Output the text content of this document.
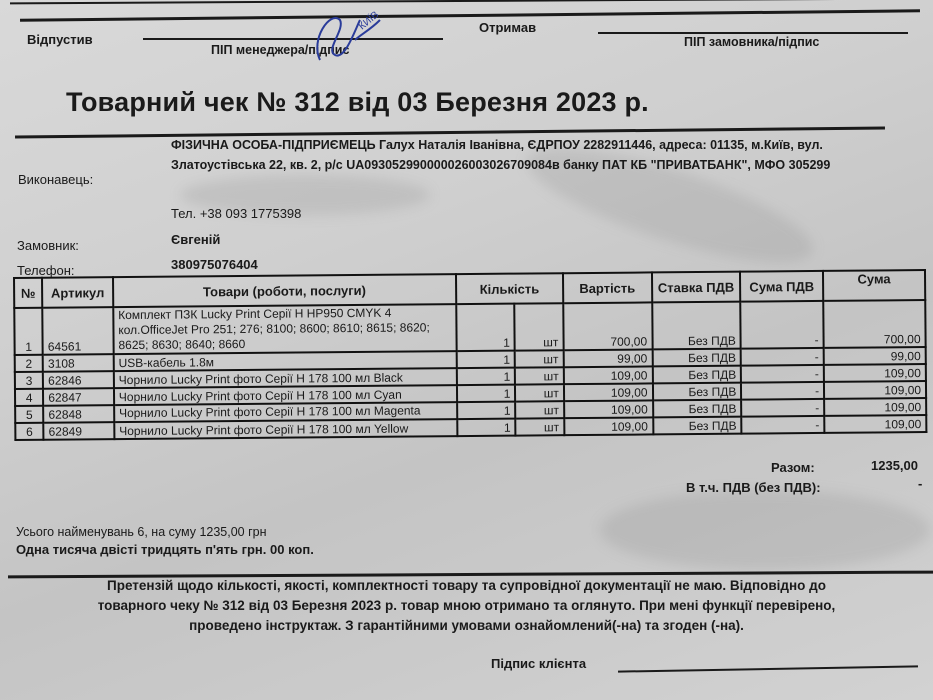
Відпустив
ПІП менеджера/підпис
КИЇВ	Отримав
ПІП замовника/підпис
Товарний чек № 312 від 03 Березня 2023 р.
Виконавець:
ФІЗИЧНА ОСОБА-ПІДПРИЄМЕЦЬ Галух Наталія Іванівна, ЄДРПОУ 2282911446, адреса: 01135, м.Київ, вул.
Златоустівська 22, кв. 2, р/с UA093052990000026003026709084в банку ПАТ КБ "ПРИВАТБАНК", МФО 305299
Тел. +38 093 1775398
Замовник:	Євгеній
Телефон:	380975076404
№	Артикул	Товари (роботи, послуги)	Кількість		Вартість	Ставка ПДВ	Сума ПДВ	Сума
1	64561	Комплект ПЗК Lucky Print Серії H HP950 CMYK 4 кол.OfficeJet Pro 251; 276; 8100; 8600; 8610; 8615; 8620; 8625; 8630; 8640; 8660	1	шт	700,00	Без ПДВ	-	700,00
2	3108	USB-кабель 1.8м	1	шт	99,00	Без ПДВ	-	99,00
3	62846	Чорнило Lucky Print фото Серії H 178 100 мл Black	1	шт	109,00	Без ПДВ	-	109,00
4	62847	Чорнило Lucky Print фото Серії H 178 100 мл Cyan	1	шт	109,00	Без ПДВ	-	109,00
5	62848	Чорнило Lucky Print фото Серії H 178 100 мл Magenta	1	шт	109,00	Без ПДВ	-	109,00
6	62849	Чорнило Lucky Print фото Серії H 178 100 мл Yellow	1	шт	109,00	Без ПДВ	-	109,00
Разом:	1235,00
В т.ч. ПДВ (без ПДВ):	-
Усього найменувань 6, на суму 1235,00 грн
Одна тисяча двісті тридцять п'ять грн. 00 коп.
Претензій щодо кількості, якості, комплектності товару та супровідної документації не маю. Відповідно до
товарного чеку № 312 від 03 Березня 2023 р. товар мною отримано та оглянуто. При мені функції перевірено,
проведено інструктаж. З гарантійними умовами ознайомлений(-на) та згоден (-на).
Підпис клієнта
